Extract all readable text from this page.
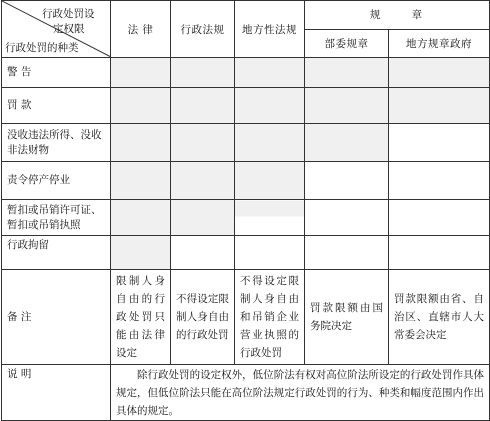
行政处罚设
定权限
行政处罚的种类	法 律	行政法规	地方性法规	规 章	
				部委规章	地方规章政府
警 告					
罚 款					
没收违法所得、没收非法财物					
责令停产停业					
暂扣或吊销许可证、暂扣或吊销执照					
行政拘留					
备 注	限制人身自由的行政处罚只能由法律设定	不得设定限制人身自由的行政处罚	不得设定限制人身自由和吊销企业营业执照的行政处罚	罚款限额由国务院决定	罚款限额由省、自治区、直辖市人大常委会决定
说 明	除行政处罚的设定权外，低位阶法有权对高位阶法所设定的行政处罚作具体规定，但低位阶法只能在高位阶法规定行政处罚的行为、种类和幅度范围内作出具体的规定。				
